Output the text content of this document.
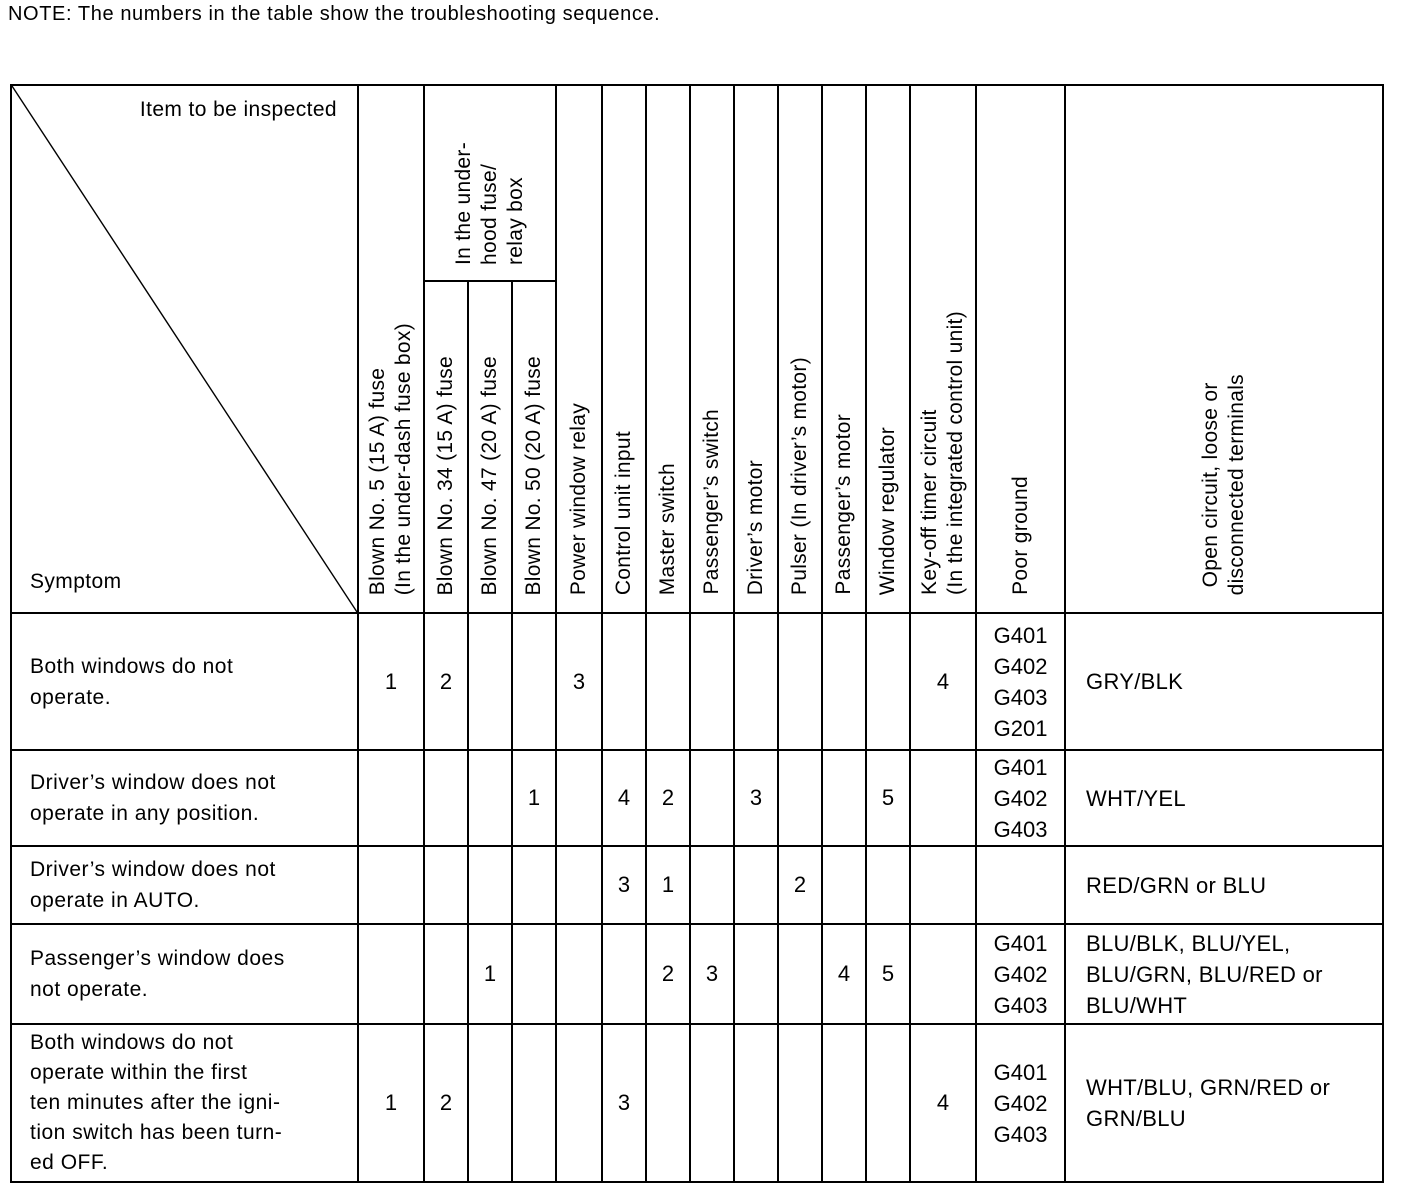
NOTE: The numbers in the table show the troubleshooting sequence.
Item to be inspected
Symptom	Blown No. 5 (15 A) fuse (In the under-dash fuse box)	In the under- hood fuse/ relay box			Power window relay	Control unit input	Master switch	Passenger’s switch	Driver’s motor	Pulser (In driver’s motor)	Passenger’s motor	Window regulator	Key-off timer circuit (In the integrated control unit)	Poor ground	Open circuit, loose or disconnected terminals
		Blown No. 34 (15 A) fuse	Blown No. 47 (20 A) fuse	Blown No. 50 (20 A) fuse											

Both windows do not
operate.	1	2			3								4	G401
G402
G403
G201	GRY/BLK

Driver’s window does not
operate in any position.				1		4	2		3			5		G401
G402
G403	WHT/YEL

Driver’s window does not
operate in AUTO.						3	1			2					RED/GRN or BLU

Passenger’s window does
not operate.			1				2	3			4	5		G401
G402
G403	BLU/BLK, BLU/YEL,
BLU/GRN, BLU/RED or
BLU/WHT

Both windows do not
operate within the first
ten minutes after the igni-
tion switch has been turn-
ed OFF.	1	2				3							4	G401
G402
G403	WHT/BLU, GRN/RED or
GRN/BLU
